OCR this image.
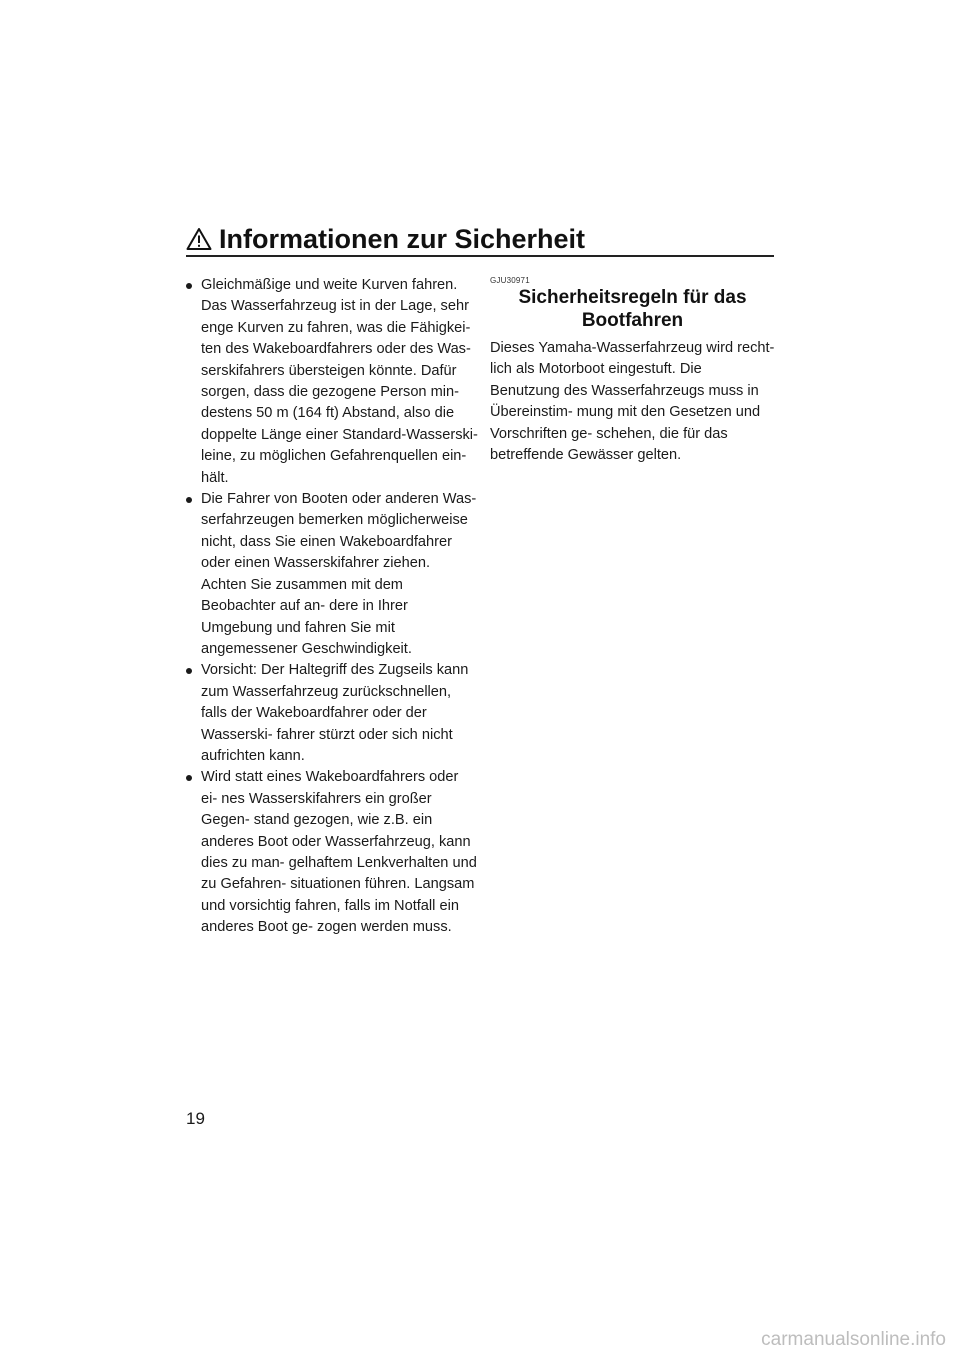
Informationen zur Sicherheit
Gleichmäßige und weite Kurven fahren. Das Wasserfahrzeug ist in der Lage, sehr enge Kurven zu fahren, was die Fähigkei- ten des Wakeboardfahrers oder des Was- serskifahrers übersteigen könnte. Dafür sorgen, dass die gezogene Person min- destens 50 m (164 ft) Abstand, also die doppelte Länge einer Standard-Wasserski- leine, zu möglichen Gefahrenquellen ein- hält.
Die Fahrer von Booten oder anderen Was- serfahrzeugen bemerken möglicherweise nicht, dass Sie einen Wakeboardfahrer oder einen Wasserskifahrer ziehen. Achten Sie zusammen mit dem Beobachter auf an- dere in Ihrer Umgebung und fahren Sie mit angemessener Geschwindigkeit.
Vorsicht: Der Haltegriff des Zugseils kann zum Wasserfahrzeug zurückschnellen, falls der Wakeboardfahrer oder der Wasserski- fahrer stürzt oder sich nicht aufrichten kann.
Wird statt eines Wakeboardfahrers oder ei- nes Wasserskifahrers ein großer Gegen- stand gezogen, wie z.B. ein anderes Boot oder Wasserfahrzeug, kann dies zu man- gelhaftem Lenkverhalten und zu Gefahren- situationen führen. Langsam und vorsichtig fahren, falls im Notfall ein anderes Boot ge- zogen werden muss.
GJU30971
Sicherheitsregeln für das
Bootfahren

Dieses Yamaha-Wasserfahrzeug wird recht- lich als Motorboot eingestuft. Die Benutzung des Wasserfahrzeugs muss in Übereinstim- mung mit den Gesetzen und Vorschriften ge- schehen, die für das betreffende Gewässer gelten.

19
carmanualsonline.info
